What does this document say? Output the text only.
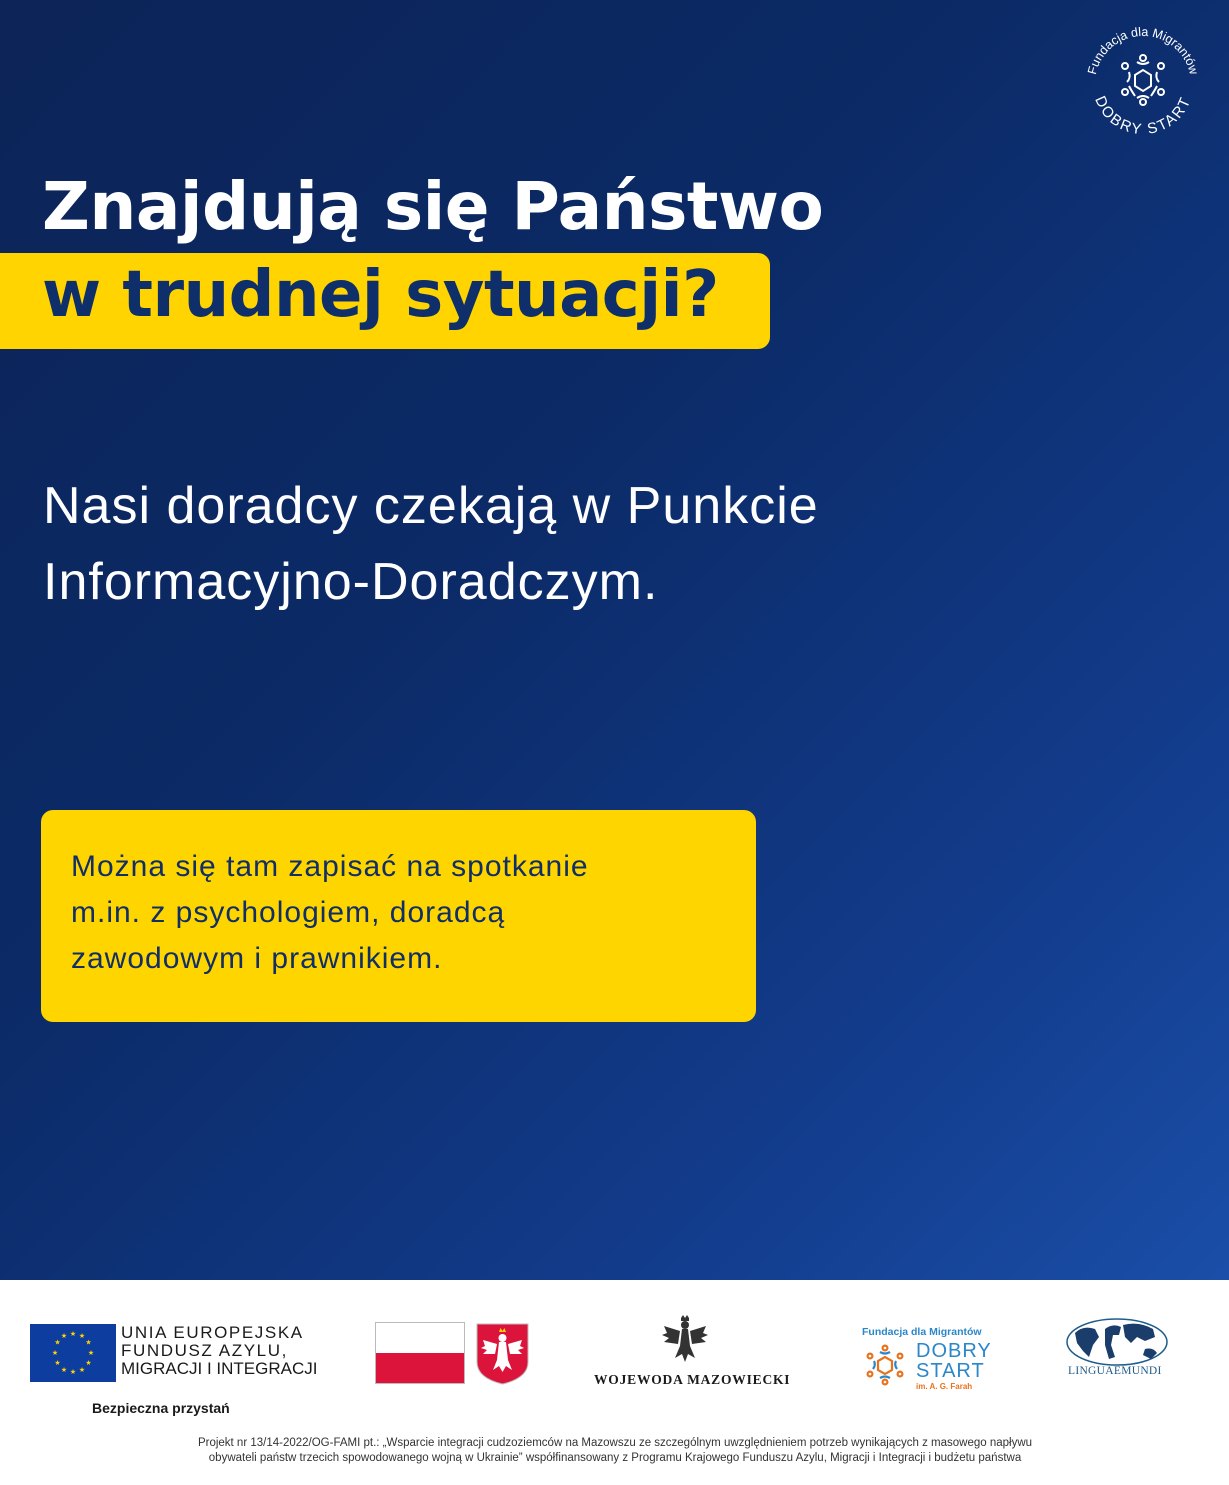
Fundacja dla Migrantów
DOBRY START
Znajdują się Państwo
w trudnej sytuacji?
Nasi doradcy czekają w Punkcie
Informacyjno-Doradczym.
Można się tam zapisać na spotkanie
m.in. z psychologiem, doradcą
zawodowym i prawnikiem.
★ ★
★
★
★
★
★
★
★
★
★
★	UNIA EUROPEJSKA
FUNDUSZ AZYLU,
MIGRACJI I INTEGRACJI
Bezpieczna przystań
WOJEWODA MAZOWIECKI
Fundacja dla Migrantów
DOBRY
START
im. A. G. Farah
LINGUAEMUNDI
Projekt nr 13/14-2022/OG-FAMI pt.: „Wsparcie integracji cudzoziemców na Mazowszu ze szczególnym uwzględnieniem potrzeb wynikających z masowego napływu
obywateli państw trzecich spowodowanego wojną w Ukrainie” współfinansowany z Programu Krajowego Funduszu Azylu, Migracji i Integracji i budżetu państwa
